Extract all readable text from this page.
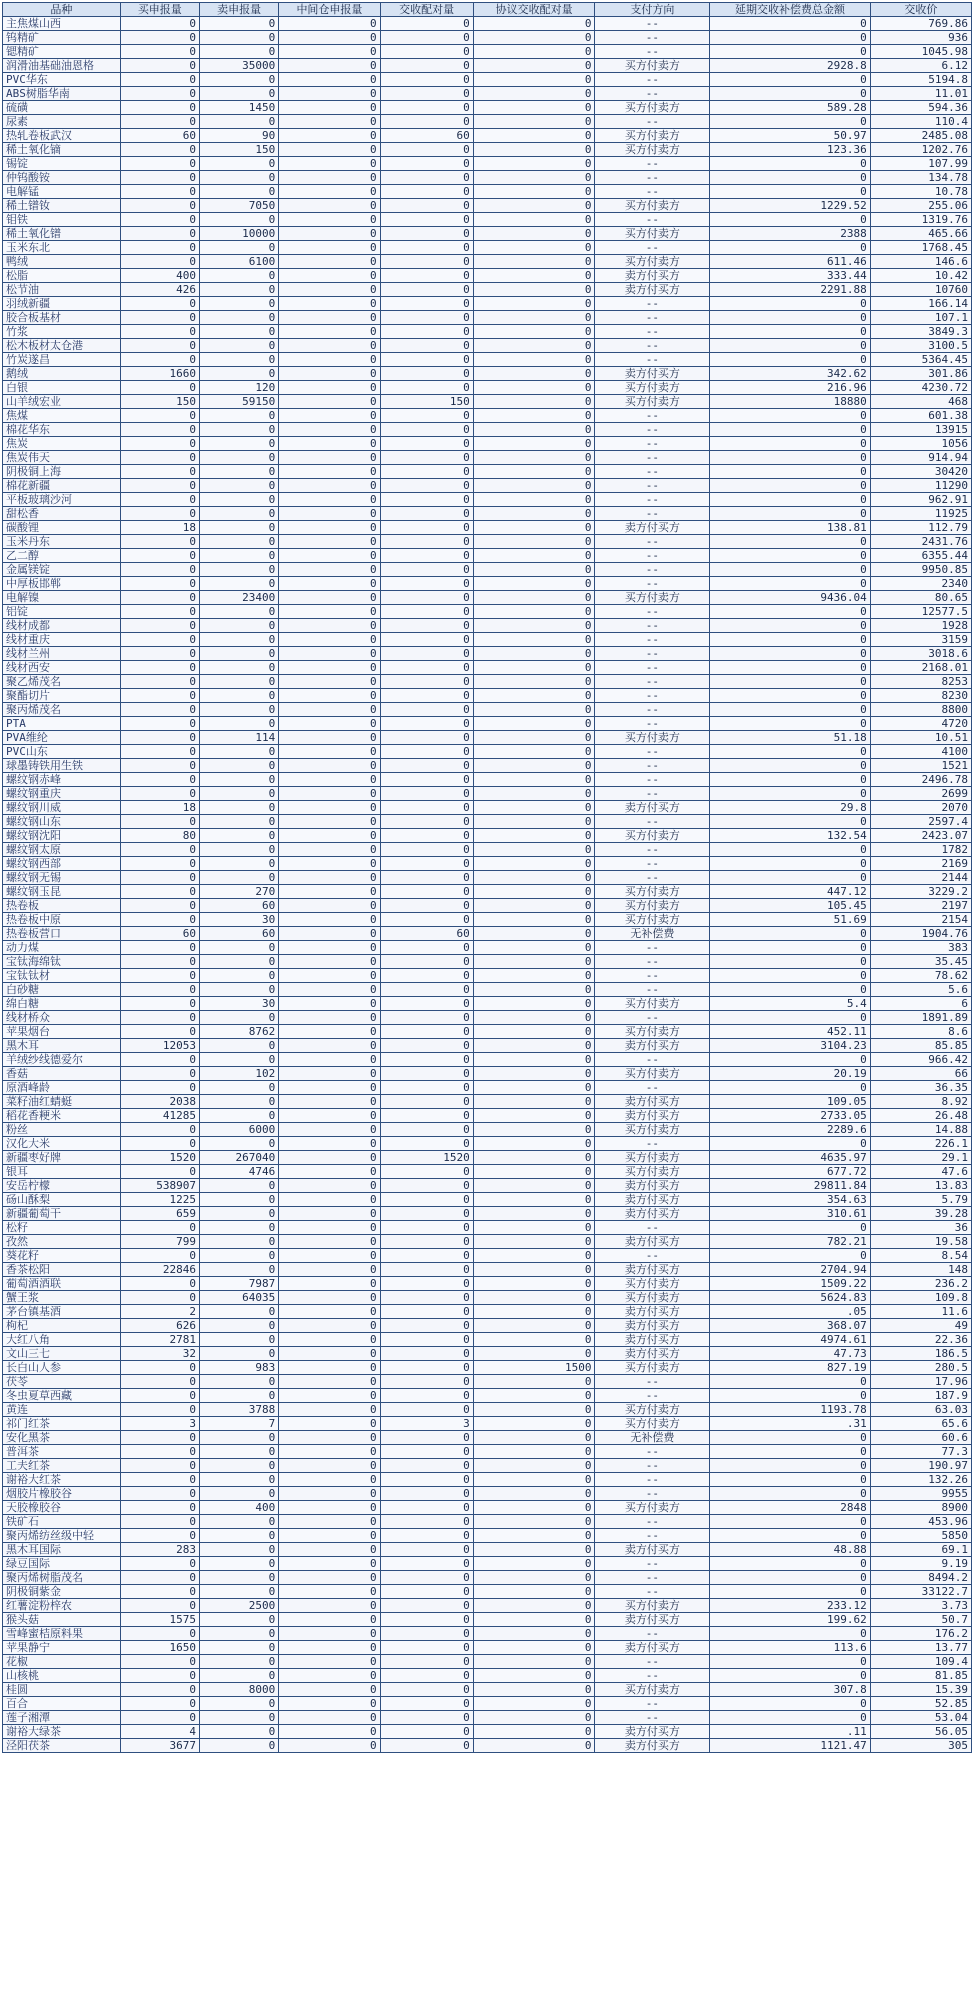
品种	买申报量	卖申报量	中间仓申报量	交收配对量	协议交收配对量	支付方向	延期交收补偿费总金额	交收价
主焦煤山西	0	0	0	0	0	--	0	769.86
钨精矿	0	0	0	0	0	--	0	936
锶精矿	0	0	0	0	0	--	0	1045.98
润滑油基础油恩格	0	35000	0	0	0	买方付卖方	2928.8	6.12
PVC华东	0	0	0	0	0	--	0	5194.8
ABS树脂华南	0	0	0	0	0	--	0	11.01
硫磺	0	1450	0	0	0	买方付卖方	589.28	594.36
尿素	0	0	0	0	0	--	0	110.4
热轧卷板武汉	60	90	0	60	0	买方付卖方	50.97	2485.08
稀土氧化镝	0	150	0	0	0	买方付卖方	123.36	1202.76
锡锭	0	0	0	0	0	--	0	107.99
仲钨酸铵	0	0	0	0	0	--	0	134.78
电解锰	0	0	0	0	0	--	0	10.78
稀土镨钕	0	7050	0	0	0	买方付卖方	1229.52	255.06
钼铁	0	0	0	0	0	--	0	1319.76
稀土氧化镨	0	10000	0	0	0	买方付卖方	2388	465.66
玉米东北	0	0	0	0	0	--	0	1768.45
鸭绒	0	6100	0	0	0	买方付卖方	611.46	146.6
松脂	400	0	0	0	0	卖方付买方	333.44	10.42
松节油	426	0	0	0	0	卖方付买方	2291.88	10760
羽绒新疆	0	0	0	0	0	--	0	166.14
胶合板基材	0	0	0	0	0	--	0	107.1
竹浆	0	0	0	0	0	--	0	3849.3
松木板材太仓港	0	0	0	0	0	--	0	3100.5
竹炭遂昌	0	0	0	0	0	--	0	5364.45
鹅绒	1660	0	0	0	0	卖方付买方	342.62	301.86
白银	0	120	0	0	0	买方付卖方	216.96	4230.72
山羊绒宏业	150	59150	0	150	0	买方付卖方	18880	468
焦煤	0	0	0	0	0	--	0	601.38
棉花华东	0	0	0	0	0	--	0	13915
焦炭	0	0	0	0	0	--	0	1056
焦炭伟天	0	0	0	0	0	--	0	914.94
阴极铜上海	0	0	0	0	0	--	0	30420
棉花新疆	0	0	0	0	0	--	0	11290
平板玻璃沙河	0	0	0	0	0	--	0	962.91
甜松香	0	0	0	0	0	--	0	11925
碳酸锂	18	0	0	0	0	卖方付买方	138.81	112.79
玉米丹东	0	0	0	0	0	--	0	2431.76
乙二醇	0	0	0	0	0	--	0	6355.44
金属镁锭	0	0	0	0	0	--	0	9950.85
中厚板邯郸	0	0	0	0	0	--	0	2340
电解镍	0	23400	0	0	0	买方付卖方	9436.04	80.65
铝锭	0	0	0	0	0	--	0	12577.5
线材成都	0	0	0	0	0	--	0	1928
线材重庆	0	0	0	0	0	--	0	3159
线材兰州	0	0	0	0	0	--	0	3018.6
线材西安	0	0	0	0	0	--	0	2168.01
聚乙烯茂名	0	0	0	0	0	--	0	8253
聚酯切片	0	0	0	0	0	--	0	8230
聚丙烯茂名	0	0	0	0	0	--	0	8800
PTA	0	0	0	0	0	--	0	4720
PVA维纶	0	114	0	0	0	买方付卖方	51.18	10.51
PVC山东	0	0	0	0	0	--	0	4100
球墨铸铁用生铁	0	0	0	0	0	--	0	1521
螺纹钢赤峰	0	0	0	0	0	--	0	2496.78
螺纹钢重庆	0	0	0	0	0	--	0	2699
螺纹钢川威	18	0	0	0	0	卖方付买方	29.8	2070
螺纹钢山东	0	0	0	0	0	--	0	2597.4
螺纹钢沈阳	80	0	0	0	0	买方付卖方	132.54	2423.07
螺纹钢太原	0	0	0	0	0	--	0	1782
螺纹钢西部	0	0	0	0	0	--	0	2169
螺纹钢无锡	0	0	0	0	0	--	0	2144
螺纹钢玉昆	0	270	0	0	0	买方付卖方	447.12	3229.2
热卷板	0	60	0	0	0	买方付卖方	105.45	2197
热卷板中原	0	30	0	0	0	买方付卖方	51.69	2154
热卷板营口	60	60	0	60	0	无补偿费	0	1904.76
动力煤	0	0	0	0	0	--	0	383
宝钛海绵钛	0	0	0	0	0	--	0	35.45
宝钛钛材	0	0	0	0	0	--	0	78.62
白砂糖	0	0	0	0	0	--	0	5.6
绵白糖	0	30	0	0	0	买方付卖方	5.4	6
线材桥众	0	0	0	0	0	--	0	1891.89
苹果烟台	0	8762	0	0	0	买方付卖方	452.11	8.6
黑木耳	12053	0	0	0	0	卖方付买方	3104.23	85.85
羊绒纱线德爱尔	0	0	0	0	0	--	0	966.42
香菇	0	102	0	0	0	买方付卖方	20.19	66
原酒峰龄	0	0	0	0	0	--	0	36.35
菜籽油红蜻蜓	2038	0	0	0	0	卖方付买方	109.05	8.92
稻花香粳米	41285	0	0	0	0	卖方付买方	2733.05	26.48
粉丝	0	6000	0	0	0	买方付卖方	2289.6	14.88
汉化大米	0	0	0	0	0	--	0	226.1
新疆枣好牌	1520	267040	0	1520	0	买方付卖方	4635.97	29.1
银耳	0	4746	0	0	0	买方付卖方	677.72	47.6
安岳柠檬	538907	0	0	0	0	卖方付买方	29811.84	13.83
砀山酥梨	1225	0	0	0	0	卖方付买方	354.63	5.79
新疆葡萄干	659	0	0	0	0	卖方付买方	310.61	39.28
松籽	0	0	0	0	0	--	0	36
孜然	799	0	0	0	0	卖方付买方	782.21	19.58
葵花籽	0	0	0	0	0	--	0	8.54
香茶松阳	22846	0	0	0	0	卖方付买方	2704.94	148
葡萄酒酒联	0	7987	0	0	0	买方付卖方	1509.22	236.2
蟹王浆	0	64035	0	0	0	买方付卖方	5624.83	109.8
茅台镇基酒	2	0	0	0	0	卖方付买方	.05	11.6
枸杞	626	0	0	0	0	卖方付买方	368.07	49
大红八角	2781	0	0	0	0	卖方付买方	4974.61	22.36
文山三七	32	0	0	0	0	卖方付买方	47.73	186.5
长白山人参	0	983	0	0	1500	买方付卖方	827.19	280.5
茯苓	0	0	0	0	0	--	0	17.96
冬虫夏草西藏	0	0	0	0	0	--	0	187.9
黄连	0	3788	0	0	0	买方付卖方	1193.78	63.03
祁门红茶	3	7	0	3	0	买方付卖方	.31	65.6
安化黑茶	0	0	0	0	0	无补偿费	0	60.6
普洱茶	0	0	0	0	0	--	0	77.3
工夫红茶	0	0	0	0	0	--	0	190.97
谢裕大红茶	0	0	0	0	0	--	0	132.26
烟胶片橡胶谷	0	0	0	0	0	--	0	9955
天胶橡胶谷	0	400	0	0	0	买方付卖方	2848	8900
铁矿石	0	0	0	0	0	--	0	453.96
聚丙烯纺丝级中轻	0	0	0	0	0	--	0	5850
黑木耳国际	283	0	0	0	0	卖方付买方	48.88	69.1
绿豆国际	0	0	0	0	0	--	0	9.19
聚丙烯树脂茂名	0	0	0	0	0	--	0	8494.2
阴极铜紫金	0	0	0	0	0	--	0	33122.7
红薯淀粉梓农	0	2500	0	0	0	买方付卖方	233.12	3.73
猴头菇	1575	0	0	0	0	卖方付买方	199.62	50.7
雪峰蜜桔原料果	0	0	0	0	0	--	0	176.2
苹果静宁	1650	0	0	0	0	卖方付买方	113.6	13.77
花椒	0	0	0	0	0	--	0	109.4
山核桃	0	0	0	0	0	--	0	81.85
桂圆	0	8000	0	0	0	买方付卖方	307.8	15.39
百合	0	0	0	0	0	--	0	52.85
莲子湘潭	0	0	0	0	0	--	0	53.04
谢裕大绿茶	4	0	0	0	0	卖方付买方	.11	56.05
泾阳茯茶	3677	0	0	0	0	卖方付买方	1121.47	305
